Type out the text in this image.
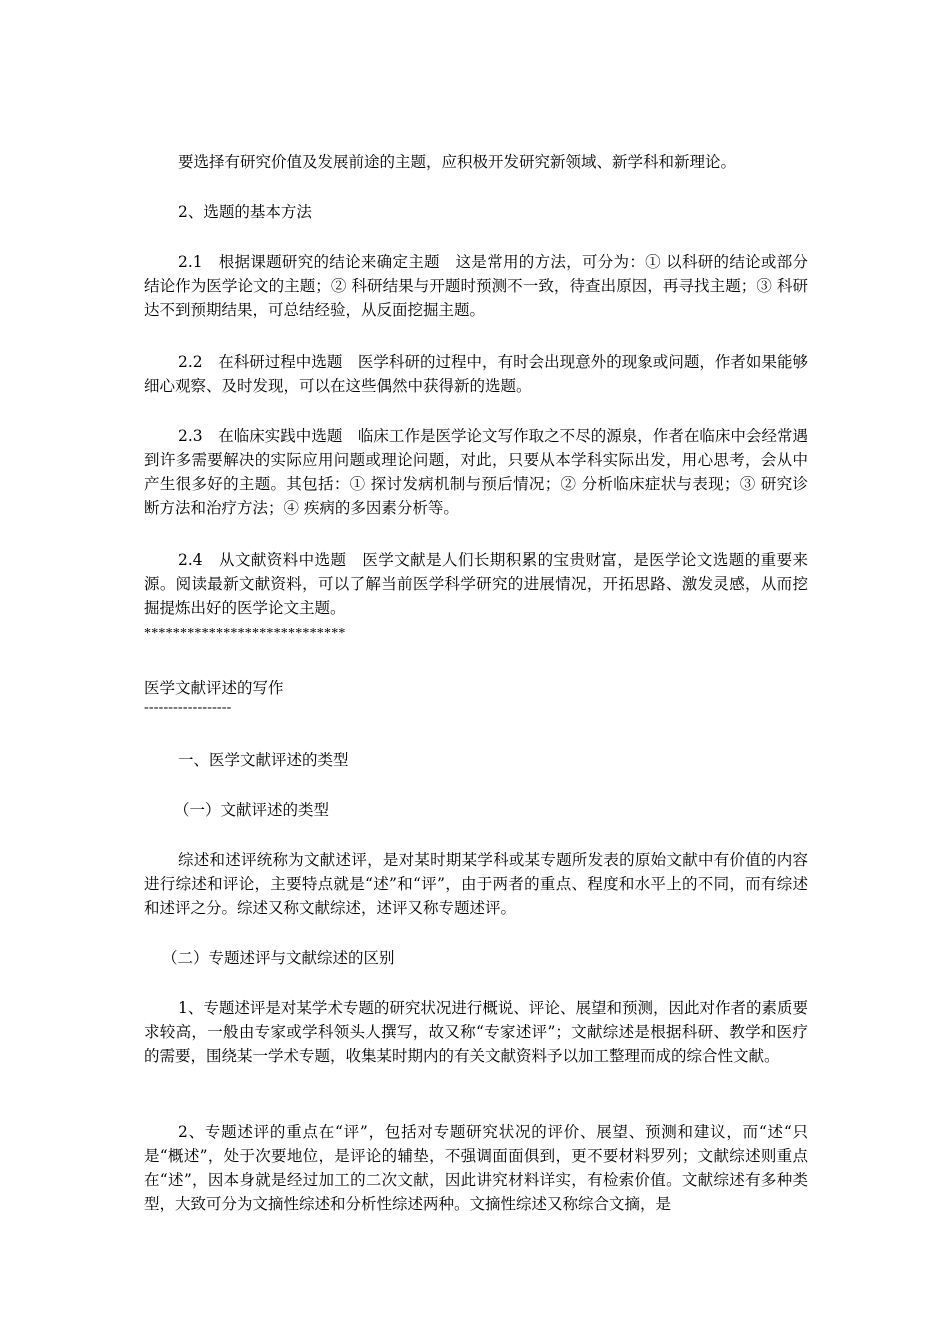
要选择有研究价值及发展前途的主题，应积极开发研究新领域、新学科和新理论。

2、选题的基本方法

2.1　根据课题研究的结论来确定主题　这是常用的方法，可分为：① 以科研的结论或部分结论作为医学论文的主题；② 科研结果与开题时预测不一致，待查出原因，再寻找主题；③ 科研达不到预期结果，可总结经验，从反面挖掘主题。

2.2　在科研过程中选题　医学科研的过程中，有时会出现意外的现象或问题，作者如果能够细心观察、及时发现，可以在这些偶然中获得新的选题。

2.3　在临床实践中选题　临床工作是医学论文写作取之不尽的源泉，作者在临床中会经常遇到许多需要解决的实际应用问题或理论问题，对此，只要从本学科实际出发，用心思考，会从中产生很多好的主题。其包括：① 探讨发病机制与预后情况；② 分析临床症状与表现；③ 研究诊断方法和治疗方法；④ 疾病的多因素分析等。

2.4　从文献资料中选题　医学文献是人们长期积累的宝贵财富，是医学论文选题的重要来源。阅读最新文献资料，可以了解当前医学科学研究的进展情况，开拓思路、激发灵感，从而挖掘提炼出好的医学论文主题。

****************************

医学文献评述的写作

------------------

一、医学文献评述的类型

（一）文献评述的类型

综述和述评统称为文献述评，是对某时期某学科或某专题所发表的原始文献中有价值的内容进行综述和评论，主要特点就是“述”和“评”，由于两者的重点、程度和水平上的不同，而有综述和述评之分。综述又称文献综述，述评又称专题述评。

（二）专题述评与文献综述的区别

1、专题述评是对某学术专题的研究状况进行概说、评论、展望和预测，因此对作者的素质要求较高，一般由专家或学科领头人撰写，故又称“专家述评”；文献综述是根据科研、教学和医疗的需要，围绕某一学术专题，收集某时期内的有关文献资料予以加工整理而成的综合性文献。

2、专题述评的重点在“评”，包括对专题研究状况的评价、展望、预测和建议，而“述“只是“概述”，处于次要地位，是评论的辅垫，不强调面面俱到，更不要材料罗列；文献综述则重点在“述”，因本身就是经过加工的二次文献，因此讲究材料详实，有检索价值。文献综述有多种类型，大致可分为文摘性综述和分析性综述两种。文摘性综述又称综合文摘，是
